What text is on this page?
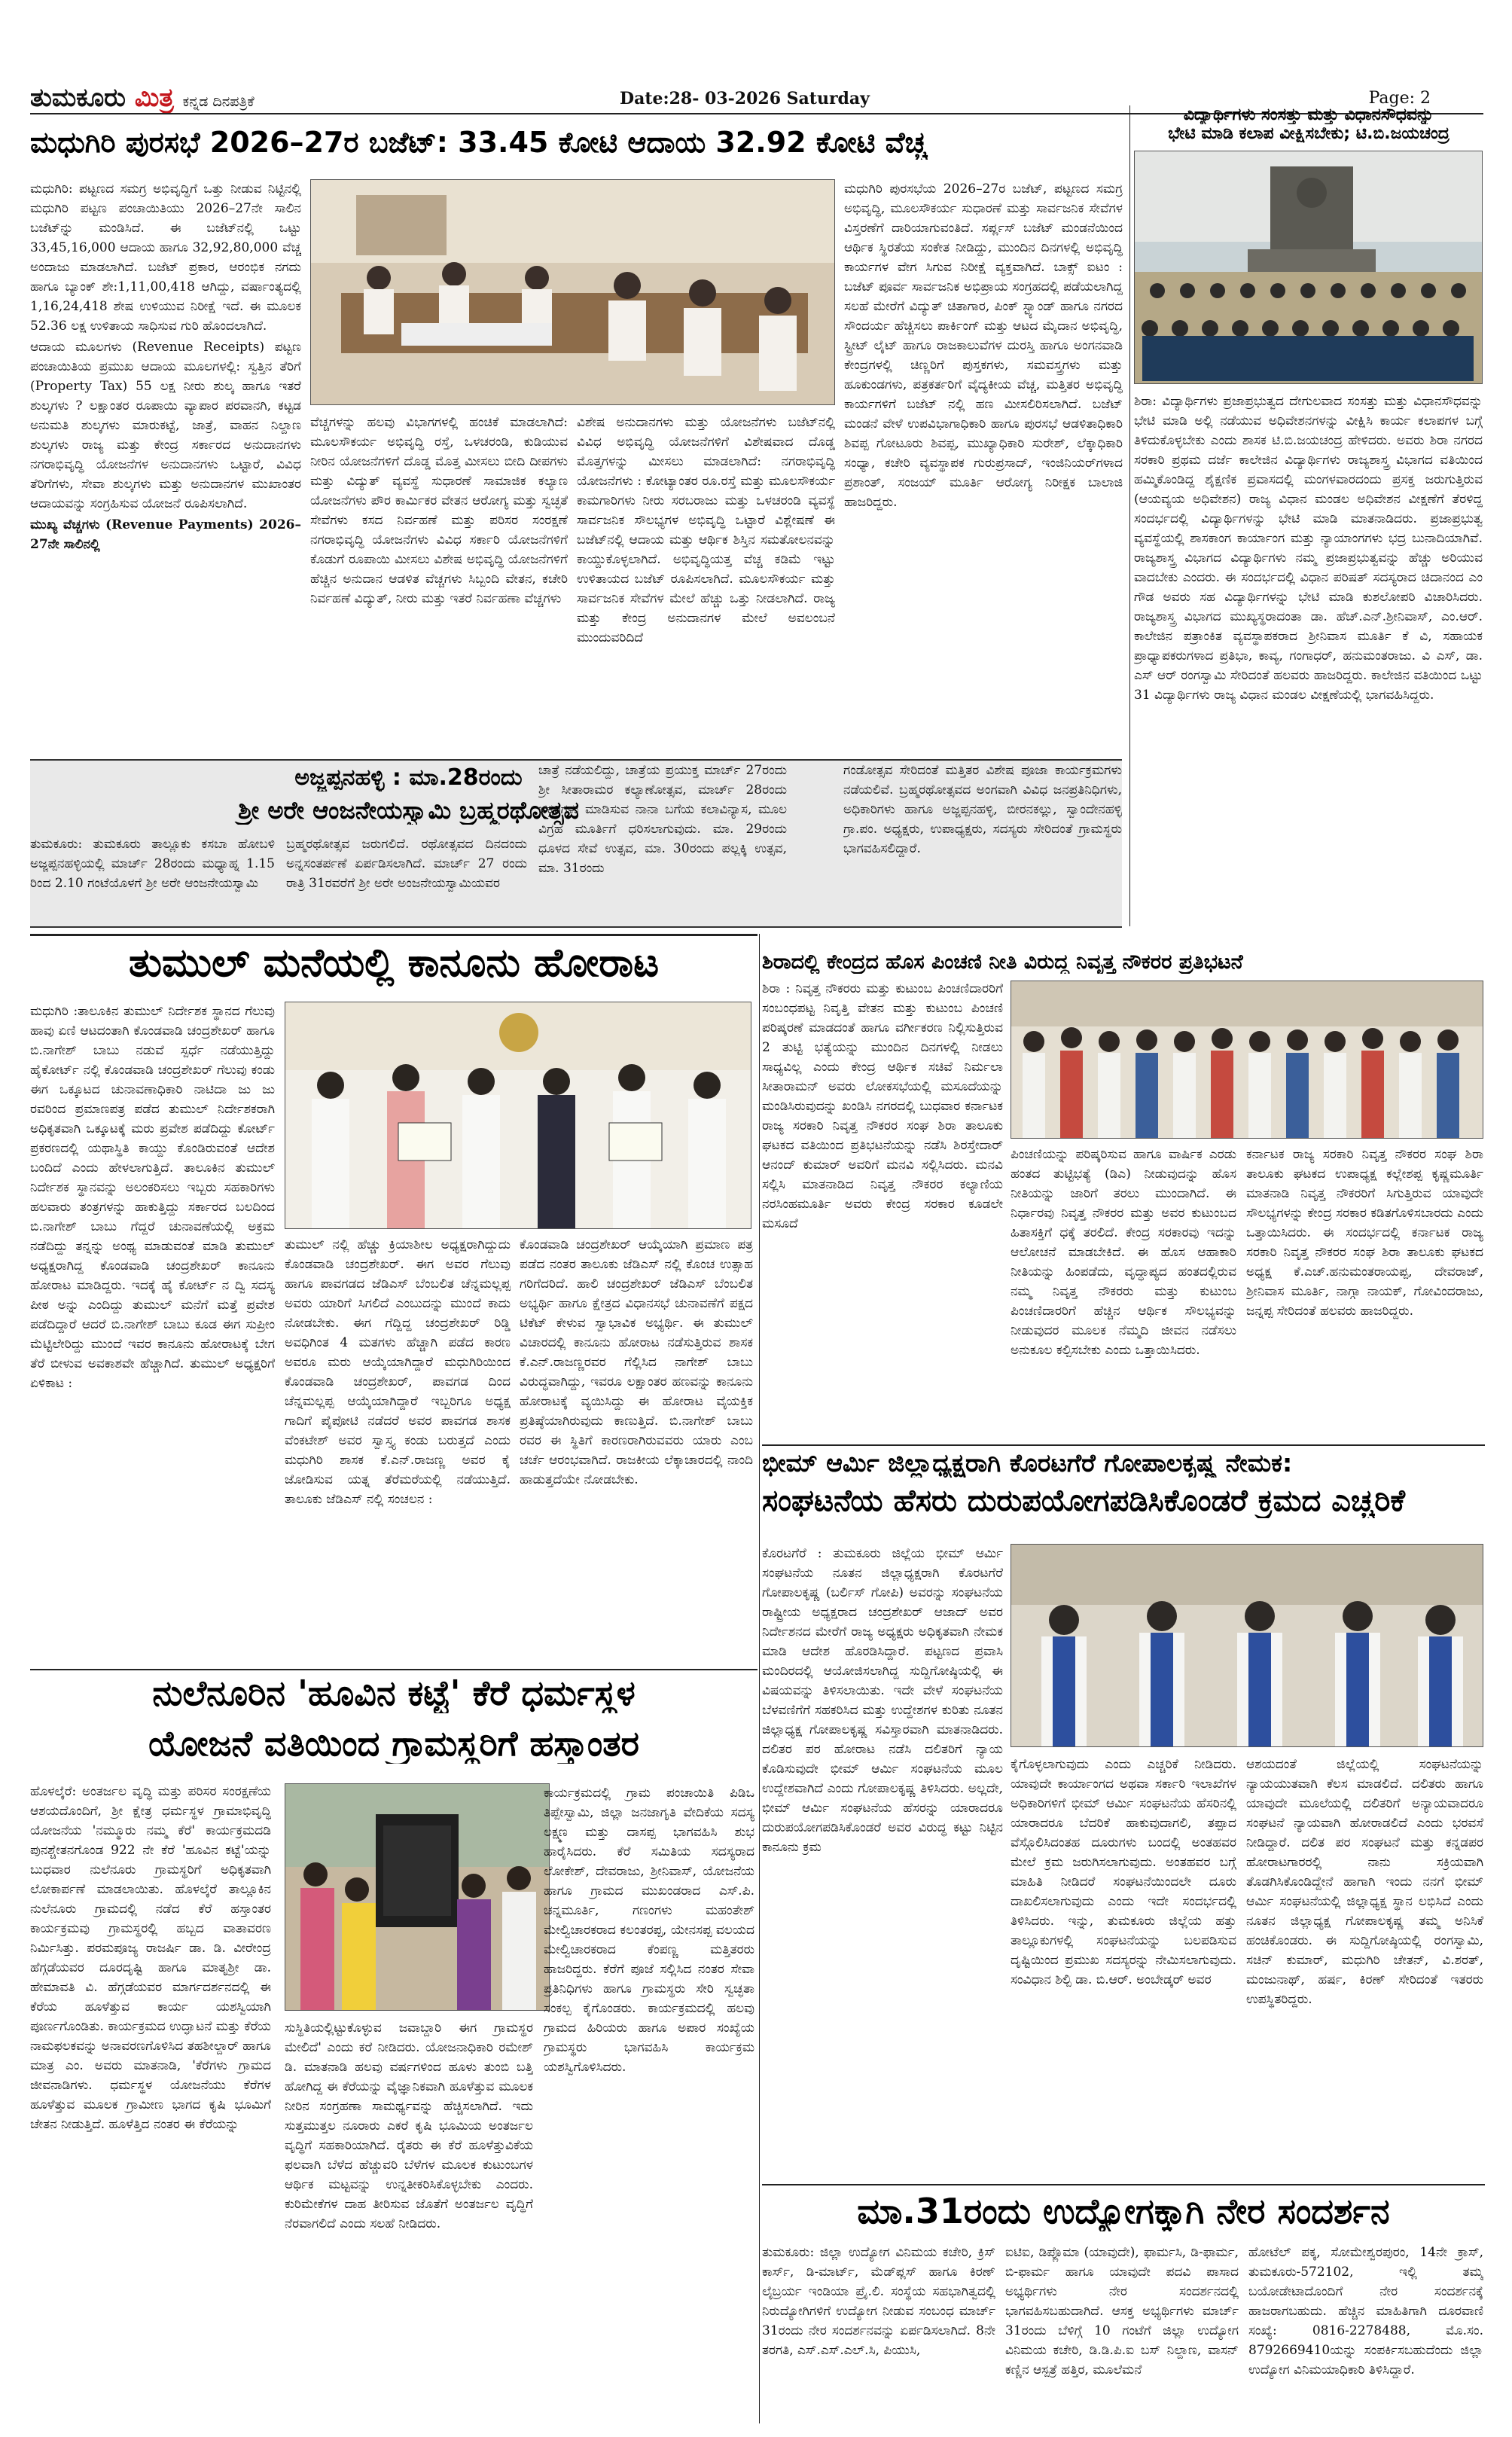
ತುಮಕೂರು ಮಿತ್ರ ಕನ್ನಡ ದಿನಪತ್ರಿಕೆ	Date:28- 03-2026 Saturday	Page: 2
ಮಧುಗಿರಿ ಪುರಸಭೆ 2026–27ರ ಬಜೆಟ್: 33.45 ಕೋಟಿ ಆದಾಯ 32.92 ಕೋಟಿ ವೆಚ್ಚ

ಮಧುಗಿರಿ: ಪಟ್ಟಣದ ಸಮಗ್ರ ಅಭಿವೃದ್ಧಿಗೆ ಒತ್ತು ನೀಡುವ ನಿಟ್ಟಿನಲ್ಲಿ ಮಧುಗಿರಿ ಪಟ್ಟಣ ಪಂಚಾಯಿತಿಯು 2026–27ನೇ ಸಾಲಿನ ಬಜೆಟ್‌ನ್ನು ಮಂಡಿಸಿದೆ. ಈ ಬಜೆಟ್‌ನಲ್ಲಿ ಒಟ್ಟು 33,45,16,000 ಆದಾಯ ಹಾಗೂ 32,92,80,000 ವೆಚ್ಚ ಅಂದಾಜು ಮಾಡಲಾಗಿದೆ. ಬಜೆಟ್ ಪ್ರಕಾರ, ಆರಂಭಿಕ ನಗದು ಹಾಗೂ ಬ್ಯಾಂಕ್ ಶೇ:1,11,00,418 ಆಗಿದ್ದು, ವರ್ಷಾಂತ್ಯದಲ್ಲಿ 1,16,24,418 ಶೇಷ ಉಳಿಯುವ ನಿರೀಕ್ಷೆ ಇದೆ. ಈ ಮೂಲಕ 52.36 ಲಕ್ಷ ಉಳಿತಾಯ ಸಾಧಿಸುವ ಗುರಿ ಹೊಂದಲಾಗಿದೆ.

ಆದಾಯ ಮೂಲಗಳು (Revenue Receipts) ಪಟ್ಟಣ ಪಂಚಾಯಿತಿಯ ಪ್ರಮುಖ ಆದಾಯ ಮೂಲಗಳಲ್ಲಿ: ಸ್ವತ್ತಿನ ತೆರಿಗೆ (Property Tax) 55 ಲಕ್ಷ ನೀರು ಶುಲ್ಕ ಹಾಗೂ ಇತರೆ ಶುಲ್ಕಗಳು ? ಲಕ್ಷಾಂತರ ರೂಪಾಯಿ ವ್ಯಾಪಾರ ಪರವಾನಗಿ, ಕಟ್ಟಡ ಅನುಮತಿ ಶುಲ್ಕಗಳು ಮಾರುಕಟ್ಟೆ, ಜಾತ್ರೆ, ವಾಹನ ನಿಲ್ದಾಣ ಶುಲ್ಕಗಳು ರಾಜ್ಯ ಮತ್ತು ಕೇಂದ್ರ ಸರ್ಕಾರದ ಅನುದಾನಗಳು ನಗರಾಭಿವೃದ್ಧಿ ಯೋಜನೆಗಳ ಅನುದಾನಗಳು ಒಟ್ಟಾರೆ, ವಿವಿಧ ತೆರಿಗೆಗಳು, ಸೇವಾ ಶುಲ್ಕಗಳು ಮತ್ತು ಅನುದಾನಗಳ ಮುಖಾಂತರ ಆದಾಯವನ್ನು ಸಂಗ್ರಹಿಸುವ ಯೋಜನೆ ರೂಪಿಸಲಾಗಿದೆ.

ಮುಖ್ಯ ವೆಚ್ಚಗಳು (Revenue Payments) 2026–27ನೇ ಸಾಲಿನಲ್ಲಿ

ವೆಚ್ಚಗಳನ್ನು ಹಲವು ವಿಭಾಗಗಳಲ್ಲಿ ಹಂಚಿಕೆ ಮಾಡಲಾಗಿದೆ: ಮೂಲಸೌಕರ್ಯ ಅಭಿವೃದ್ಧಿ ರಸ್ತೆ, ಒಳಚರಂಡಿ, ಕುಡಿಯುವ ನೀರಿನ ಯೋಜನೆಗಳಿಗೆ ದೊಡ್ಡ ಮೊತ್ತ ಮೀಸಲು ಬೀದಿ ದೀಪಗಳು ಮತ್ತು ವಿದ್ಯುತ್ ವ್ಯವಸ್ಥೆ ಸುಧಾರಣೆ ಸಾಮಾಜಿಕ ಕಲ್ಯಾಣ ಯೋಜನೆಗಳು ಪೌರ ಕಾರ್ಮಿಕರ ವೇತನ ಆರೋಗ್ಯ ಮತ್ತು ಸ್ವಚ್ಛತೆ ಸೇವೆಗಳು ಕಸದ ನಿರ್ವಹಣೆ ಮತ್ತು ಪರಿಸರ ಸಂರಕ್ಷಣೆ ನಗರಾಭಿವೃದ್ಧಿ ಯೋಜನೆಗಳು ವಿವಿಧ ಸರ್ಕಾರಿ ಯೋಜನೆಗಳಿಗೆ ಕೊಡುಗೆ ರೂಪಾಯಿ ಮೀಸಲು ವಿಶೇಷ ಅಭಿವೃದ್ಧಿ ಯೋಜನೆಗಳಿಗೆ ಹೆಚ್ಚಿನ ಅನುದಾನ ಆಡಳಿತ ವೆಚ್ಚಗಳು ಸಿಬ್ಬಂದಿ ವೇತನ, ಕಚೇರಿ ನಿರ್ವಹಣೆ ವಿದ್ಯುತ್, ನೀರು ಮತ್ತು ಇತರೆ ನಿರ್ವಹಣಾ ವೆಚ್ಚಗಳು
ವಿಶೇಷ ಅನುದಾನಗಳು ಮತ್ತು ಯೋಜನೆಗಳು ಬಜೆಟ್‌ನಲ್ಲಿ ವಿವಿಧ ಅಭಿವೃದ್ಧಿ ಯೋಜನೆಗಳಿಗೆ ವಿಶೇಷವಾದ ದೊಡ್ಡ ಮೊತ್ತಗಳನ್ನು ಮೀಸಲು ಮಾಡಲಾಗಿದೆ: ನಗರಾಭಿವೃದ್ಧಿ ಯೋಜನೆಗಳು : ಕೋಟ್ಯಾಂತರ ರೂ.ರಸ್ತೆ ಮತ್ತು ಮೂಲಸೌಕರ್ಯ ಕಾಮಗಾರಿಗಳು ನೀರು ಸರಬರಾಜು ಮತ್ತು ಒಳಚರಂಡಿ ವ್ಯವಸ್ಥೆ ಸಾರ್ವಜನಿಕ ಸೌಲಭ್ಯಗಳ ಅಭಿವೃದ್ಧಿ ಒಟ್ಟಾರೆ ವಿಶ್ಲೇಷಣೆ ಈ ಬಜೆಟ್‌ನಲ್ಲಿ ಆದಾಯ ಮತ್ತು ಆರ್ಥಿಕ ಶಿಸ್ತಿನ ಸಮತೋಲನವನ್ನು ಕಾಯ್ದುಕೊಳ್ಳಲಾಗಿದೆ. ಅಭಿವೃದ್ಧಿಯತ್ತ ವೆಚ್ಚ ಕಡಿಮೆ ಇಟ್ಟು ಉಳಿತಾಯದ ಬಜೆಟ್ ರೂಪಿಸಲಾಗಿದೆ. ಮೂಲಸೌಕರ್ಯ ಮತ್ತು ಸಾರ್ವಜನಿಕ ಸೇವೆಗಳ ಮೇಲೆ ಹೆಚ್ಚು ಒತ್ತು ನೀಡಲಾಗಿದೆ. ರಾಜ್ಯ ಮತ್ತು ಕೇಂದ್ರ ಅನುದಾನಗಳ ಮೇಲೆ ಅವಲಂಬನೆ ಮುಂದುವರಿದಿದೆ
ಮಧುಗಿರಿ ಪುರಸಭೆಯ 2026–27ರ ಬಜೆಟ್, ಪಟ್ಟಣದ ಸಮಗ್ರ ಅಭಿವೃದ್ಧಿ, ಮೂಲಸೌಕರ್ಯ ಸುಧಾರಣೆ ಮತ್ತು ಸಾರ್ವಜನಿಕ ಸೇವೆಗಳ ವಿಸ್ತರಣೆಗೆ ದಾರಿಯಾಗುವಂತಿದೆ. ಸರ್ಪ್ಲಸ್ ಬಜೆಟ್ ಮಂಡನೆಯಿಂದ ಆರ್ಥಿಕ ಸ್ಥಿರತೆಯ ಸಂಕೇತ ನೀಡಿದ್ದು, ಮುಂದಿನ ದಿನಗಳಲ್ಲಿ ಅಭಿವೃದ್ಧಿ ಕಾರ್ಯಗಳ ವೇಗ ಸಿಗುವ ನಿರೀಕ್ಷೆ ವ್ಯಕ್ತವಾಗಿದೆ. ಬಾಕ್ಸ್ ಐಟಂ : ಬಜೆಟ್ ಪೂರ್ವ ಸಾರ್ವಜನಿಕ ಅಭಿಪ್ರಾಯ ಸಂಗ್ರಹದಲ್ಲಿ ಪಡೆಯಲಾಗಿದ್ದ ಸಲಹೆ ಮೇರೆಗೆ ವಿದ್ಯುತ್ ಚಿತಾಗಾರ, ಪಿಂಕ್ ಸ್ಟ್ಯಾಂಡ್ ಹಾಗೂ ನಗರದ ಸೌಂದರ್ಯ ಹೆಚ್ಚಿಸಲು ಪಾರ್ಕಿಂಗ್ ಮತ್ತು ಆಟದ ಮೈದಾನ ಅಭಿವೃದ್ಧಿ, ಸ್ಟ್ರೀಟ್ ಲೈಟ್ ಹಾಗೂ ರಾಜಕಾಲುವೆಗಳ ದುರಸ್ತಿ ಹಾಗೂ ಅಂಗನವಾಡಿ ಕೇಂದ್ರಗಳಲ್ಲಿ ಚಿಣ್ಣರಿಗೆ ಪುಸ್ತಕಗಳು, ಸಮವಸ್ತ್ರಗಳು ಮತ್ತು ಹೂಕುಂಡಗಳು, ಪತ್ರಕರ್ತರಿಗೆ ವೈದ್ಯಕೀಯ ವೆಚ್ಚ, ಮತ್ತಿತರ ಅಭಿವೃದ್ಧಿ ಕಾರ್ಯಗಳಿಗೆ ಬಜೆಟ್ ನಲ್ಲಿ ಹಣ ಮೀಸಲಿರಿಸಲಾಗಿದೆ. ಬಜೆಟ್ ಮಂಡನೆ ವೇಳೆ ಉಪವಿಭಾಗಾಧಿಕಾರಿ ಹಾಗೂ ಪುರಸಭೆ ಆಡಳಿತಾಧಿಕಾರಿ ಶಿವಪ್ಪ ಗೋಟೂರು ಶಿವಪ್ಪ, ಮುಖ್ಯಾಧಿಕಾರಿ ಸುರೇಶ್, ಲೆಕ್ಕಾಧಿಕಾರಿ ಸಂಧ್ಯಾ, ಕಚೇರಿ ವ್ಯವಸ್ಥಾಪಕ ಗುರುಪ್ರಸಾದ್, ಇಂಜಿನಿಯರ್‌ಗಳಾದ ಪ್ರಶಾಂತ್, ಸಂಜಯ್ ಮೂರ್ತಿ ಆರೋಗ್ಯ ನಿರೀಕ್ಷಕ ಬಾಲಾಜಿ ಹಾಜರಿದ್ದರು.
ವಿದ್ಯಾರ್ಥಿಗಳು ಸಂಸತ್ತು ಮತ್ತು ವಿಧಾನಸೌಧವನ್ನು
ಭೇಟಿ ಮಾಡಿ ಕಲಾಪ ವೀಕ್ಷಿಸಬೇಕು; ಟಿ.ಬಿ.ಜಯಚಂದ್ರ
ಶಿರಾ: ವಿದ್ಯಾರ್ಥಿಗಳು ಪ್ರಜಾಪ್ರಭುತ್ವದ ದೇಗುಲವಾದ ಸಂಸತ್ತು ಮತ್ತು ವಿಧಾನಸೌಧವನ್ನು ಭೇಟಿ ಮಾಡಿ ಅಲ್ಲಿ ನಡೆಯುವ ಅಧಿವೇಶನಗಳನ್ನು ವೀಕ್ಷಿಸಿ ಕಾರ್ಯ ಕಲಾಪಗಳ ಬಗ್ಗೆ ತಿಳಿದುಕೊಳ್ಳಬೇಕು ಎಂದು ಶಾಸಕ ಟಿ.ಬಿ.ಜಯಚಂದ್ರ ಹೇಳಿದರು. ಅವರು ಶಿರಾ ನಗರದ ಸರಕಾರಿ ಪ್ರಥಮ ದರ್ಜೆ ಕಾಲೇಜಿನ ವಿದ್ಯಾರ್ಥಿಗಳು ರಾಜ್ಯಶಾಸ್ತ್ರ ವಿಭಾಗದ ವತಿಯಿಂದ ಹಮ್ಮಿಕೊಂಡಿದ್ದ ಶೈಕ್ಷಣಿಕ ಪ್ರವಾಸದಲ್ಲಿ ಮಂಗಳವಾರದಂದು ಪ್ರಸಕ್ತ ಜರುಗುತ್ತಿರುವ (ಆಯವ್ಯಯ ಅಧಿವೇಶನ) ರಾಜ್ಯ ವಿಧಾನ ಮಂಡಲ ಅಧಿವೇಶನ ವೀಕ್ಷಣೆಗೆ ತೆರಳಿದ್ದ ಸಂದರ್ಭದಲ್ಲಿ ವಿದ್ಯಾರ್ಥಿಗಳನ್ನು ಭೇಟಿ ಮಾಡಿ ಮಾತನಾಡಿದರು. ಪ್ರಜಾಪ್ರಭುತ್ವ ವ್ಯವಸ್ಥೆಯಲ್ಲಿ ಶಾಸಕಾಂಗ ಕಾರ್ಯಾಂಗ ಮತ್ತು ನ್ಯಾಯಾಂಗಗಳು ಭದ್ರ ಬುನಾದಿಯಾಗಿವೆ. ರಾಜ್ಯಶಾಸ್ತ್ರ ವಿಭಾಗದ ವಿದ್ಯಾರ್ಥಿಗಳು ನಮ್ಮ ಪ್ರಜಾಪ್ರಭುತ್ವವನ್ನು ಹೆಚ್ಚು ಅರಿಯುವ ವಾದಬೇಕು ಎಂದರು. ಈ ಸಂದರ್ಭದಲ್ಲಿ ವಿಧಾನ ಪರಿಷತ್ ಸದಸ್ಯರಾದ ಚಿದಾನಂದ ಎಂ ಗೌಡ ಅವರು ಸಹ ವಿದ್ಯಾರ್ಥಿಗಳನ್ನು ಭೇಟಿ ಮಾಡಿ ಕುಶಲೋಪರಿ ವಿಚಾರಿಸಿದರು. ರಾಜ್ಯಶಾಸ್ತ್ರ ವಿಭಾಗದ ಮುಖ್ಯಸ್ಥರಾದಂತಾ ಡಾ. ಹೆಚ್.ಎನ್.ಶ್ರೀನಿವಾಸ್, ಎಂ.ಆರ್. ಕಾಲೇಜಿನ ಪತ್ರಾಂಕಿತ ವ್ಯವಸ್ಥಾಪಕರಾದ ಶ್ರೀನಿವಾಸ ಮೂರ್ತಿ ಕೆ ವಿ, ಸಹಾಯಕ ಪ್ರಾಧ್ಯಾಪಕರುಗಳಾದ ಪ್ರತಿಭಾ, ಕಾವ್ಯ, ಗಂಗಾಧರ್, ಹನುಮಂತರಾಜು. ವಿ ಎಸ್, ಡಾ. ಎಸ್ ಆರ್ ರಂಗಸ್ವಾಮಿ ಸೇರಿದಂತೆ ಹಲವರು ಹಾಜರಿದ್ದರು. ಕಾಲೇಜಿನ ವತಿಯಿಂದ ಒಟ್ಟು 31 ವಿದ್ಯಾರ್ಥಿಗಳು ರಾಜ್ಯ ವಿಧಾನ ಮಂಡಲ ವೀಕ್ಷಣೆಯಲ್ಲಿ ಭಾಗವಹಿಸಿದ್ದರು.
ಅಜ್ಜಪ್ಪನಹಳ್ಳಿ : ಮಾ.28ರಂದು
ಶ್ರೀ ಅರೇ ಆಂಜನೇಯಸ್ವಾಮಿ ಬ್ರಹ್ಮರಥೋತ್ಸವ
ತುಮಕೂರು: ತುಮಕೂರು ತಾಲ್ಲೂಕು ಕಸಬಾ ಹೋಬಳಿ ಅಜ್ಜಪ್ಪನಹಳ್ಳಿಯಲ್ಲಿ ಮಾರ್ಚ್ 28ರಂದು ಮಧ್ಯಾಹ್ನ 1.15 ರಿಂದ 2.10 ಗಂಟೆಯೊಳಗೆ ಶ್ರೀ ಅರೇ ಆಂಜನೇಯಸ್ವಾಮಿ
ಬ್ರಹ್ಮರಥೋತ್ಸವ ಜರುಗಲಿದೆ. ರಥೋತ್ಸವದ ದಿನದಂದು ಅನ್ನಸಂತರ್ಪಣೆ ಏರ್ಪಡಿಸಲಾಗಿದೆ. ಮಾರ್ಚ್ 27 ರಂದು ರಾತ್ರಿ 31ರವರೆಗೆ ಶ್ರೀ ಅರೇ ಅಂಜನೇಯಸ್ವಾಮಿಯವರ
ಚಾತ್ರೆ ನಡೆಯಲಿದ್ದು, ಚಾತ್ರೆಯ ಪ್ರಯುಕ್ತ ಮಾರ್ಚ್ 27ರಂದು ಶ್ರೀ ಸೀತಾರಾಮರ ಕಲ್ಯಾಣೋತ್ಸವ, ಮಾರ್ಚ್ 28ರಂದು ಭಕ್ತರಿಗಳು ಮಾಡಿಸುವ ನಾನಾ ಬಗೆಯ ಕಲಾವಿನ್ಯಾಸ, ಮೂಲ ವಿಗ್ರಹ ಮೂರ್ತಿಗೆ ಧರಿಸಲಾಗುವುದು. ಮಾ. 29ರಂದು ಧೂಳದ ಸೇವೆ ಉತ್ಸವ, ಮಾ. 30ರಂದು ಪಲ್ಲಕ್ಕಿ ಉತ್ಸವ, ಮಾ. 31ರಂದು
ಗಂಡೋತ್ಸವ ಸೇರಿದಂತೆ ಮತ್ತಿತರ ವಿಶೇಷ ಪೂಜಾ ಕಾರ್ಯಕ್ರಮಗಳು ನಡೆಯಲಿವೆ. ಬ್ರಹ್ಮರಥೋತ್ಸವದ ಅಂಗವಾಗಿ ವಿವಿಧ ಜನಪ್ರತಿನಿಧಿಗಳು, ಅಧಿಕಾರಿಗಳು ಹಾಗೂ ಅಜ್ಜಪ್ಪನಹಳ್ಳಿ, ಬೀರನಕಲ್ಲು, ಸ್ವಾಂದೇನಹಳ್ಳಿ ಗ್ರಾ.ಪಂ. ಅಧ್ಯಕ್ಷರು, ಉಪಾಧ್ಯಕ್ಷರು, ಸದಸ್ಯರು ಸೇರಿದಂತೆ ಗ್ರಾಮಸ್ಥರು ಭಾಗವಹಿಸಲಿದ್ದಾರೆ.
ತುಮುಲ್ ಮನೆಯಲ್ಲಿ ಕಾನೂನು ಹೋರಾಟ
ಮಧುಗಿರಿ :ತಾಲೂಕಿನ ತುಮುಲ್ ನಿರ್ದೇಶಕ ಸ್ಥಾನದ ಗೆಲುವು ಹಾವು ಏಣಿ ಆಟದಂತಾಗಿ ಕೊಂಡವಾಡಿ ಚಂದ್ರಶೇಖರ್ ಹಾಗೂ ಬಿ.ನಾಗೇಶ್ ಬಾಬು ನಡುವೆ ಸ್ಪರ್ಧೆ ನಡೆಯುತ್ತಿದ್ದು ಹೈಕೋರ್ಟ್ ನಲ್ಲಿ ಕೊಂಡವಾಡಿ ಚಂದ್ರಶೇಖರ್ ಗೆಲುವು ಕಂಡು ಈಗ ಒಕ್ಕೂಟದ ಚುನಾವಣಾಧಿಕಾರಿ ನಾಟಿದಾ ಜು ಜು ರವರಿಂದ ಪ್ರಮಾಣಪತ್ರ ಪಡೆದ ತುಮುಲ್ ನಿರ್ದೇಶಕರಾಗಿ ಅಧಿಕೃತವಾಗಿ ಒಕ್ಕೂಟಕ್ಕೆ ಮರು ಪ್ರವೇಶ ಪಡೆದಿದ್ದು ಕೋರ್ಟ್ ಪ್ರಕರಣದಲ್ಲಿ ಯಥಾಸ್ಥಿತಿ ಕಾಯ್ದು ಕೊಂಡಿರುವಂತೆ ಆದೇಶ ಬಂದಿದೆ ಎಂದು ಹೇಳಲಾಗುತ್ತಿದೆ. ತಾಲೂಕಿನ ತುಮುಲ್ ನಿರ್ದೇಶಕ ಸ್ಥಾನವನ್ನು ಅಲಂಕರಿಸಲು ಇಬ್ಬರು ಸಹಕಾರಿಗಳು ಹಲವಾರು ತಂತ್ರಗಳನ್ನು ಹಾಕುತ್ತಿದ್ದು ಸರ್ಕಾರದ ಬಲದಿಂದ ಬಿ.ನಾಗೇಶ್ ಬಾಬು ಗೆದ್ದರೆ ಚುನಾವಣೆಯಲ್ಲಿ ಅಕ್ರಮ ನಡೆದಿದ್ದು ತನ್ನನ್ನು ಅಂಥ್ಯ ಮಾಡುವಂತೆ ಮಾಡಿ ತುಮುಲ್ ಅಧ್ಯಕ್ಷರಾಗಿದ್ದ ಕೊಂಡವಾಡಿ ಚಂದ್ರಶೇಖರ್ ಕಾನೂನು ಹೋರಾಟ ಮಾಡಿದ್ದರು. ಇದಕ್ಕೆ ಹೈ ಕೋರ್ಟ್ ನ ದ್ವಿ ಸದಸ್ಯ ಪೀಠ ಅನ್ನು ಎಂದಿದ್ದು ತುಮುಲ್ ಮನೆಗೆ ಮತ್ತೆ ಪ್ರವೇಶ ಪಡೆದಿದ್ದಾರೆ ಆದರೆ ಬಿ.ನಾಗೇಶ್ ಬಾಬು ಕೂಡ ಈಗ ಸುಪ್ರೀಂ ಮೆಟ್ಟಿಲೇರಿದ್ದು ಮುಂದೆ ಇವರ ಕಾನೂನು ಹೋರಾಟಕ್ಕೆ ಬೇಗ ತೆರೆ ಬೀಳುವ ಅವಕಾಶವೇ ಹೆಚ್ಚಾಗಿದೆ. ತುಮುಲ್ ಅಧ್ಯಕ್ಷರಿಗೆ ಏಳಿಕಾಟ :
ತುಮುಲ್ ನಲ್ಲಿ ಹೆಚ್ಚು ಕ್ರಿಯಾಶೀಲ ಅಧ್ಯಕ್ಷರಾಗಿದ್ದುದು ಕೊಂಡವಾಡಿ ಚಂದ್ರಶೇಖರ್. ಈಗ ಅವರ ಗೆಲುವು ಹಾಗೂ ಪಾವಗಡದ ಜೆಡಿಎಸ್ ಬೆಂಬಲಿತ ಚೆನ್ನಮಲ್ಲಪ್ಪ ಅವರು ಯಾರಿಗೆ ಸಿಗಲಿದೆ ಎಂಬುದನ್ನು ಮುಂದೆ ಕಾದು ನೋಡಬೇಕು. ಈಗ ಗೆದ್ದಿದ್ದ ಚಂದ್ರಶೇಖರ್ ರಿಡ್ಡಿ ಅವಧಿಗಿಂತ 4 ಮತಗಳು ಹೆಚ್ಚಾಗಿ ಪಡೆದ ಕಾರಣ ಅವರೂ ಮರು ಆಯ್ಕೆಯಾಗಿದ್ದಾರೆ ಮಧುಗಿರಿಯಿಂದ ಕೊಂಡವಾಡಿ ಚಂದ್ರಶೇಖರ್, ಪಾವಗಡ ದಿಂದ ಚೆನ್ನಮಲ್ಲಪ್ಪ ಆಯ್ಕೆಯಾಗಿದ್ದಾರೆ ಇಬ್ಬರಿಗೂ ಅಧ್ಯಕ್ಷ ಗಾದಿಗೆ ಪೈಪೋಟಿ ನಡೆದರೆ ಅವರ ಪಾವಗಡ ಶಾಸಕ ವೆಂಕಟೇಶ್ ಅವರ ಸ್ವಾಸ್ತ್ಯ ಕಂಡು ಬರುತ್ತದೆ ಎಂದು ಮಧುಗಿರಿ ಶಾಸಕ ಕೆ.ಎನ್.ರಾಜಣ್ಣ ಅವರ ಕೈ ಜೋಡಿಸುವ ಯತ್ನ ತೆರೆಮರೆಯಲ್ಲಿ ನಡೆಯುತ್ತಿದೆ. ತಾಲೂಕು ಜೆಡಿಎಸ್ ನಲ್ಲಿ ಸಂಚಲನ :
ಕೊಂಡವಾಡಿ ಚಂದ್ರಶೇಖರ್ ಆಯ್ಕೆಯಾಗಿ ಪ್ರಮಾಣ ಪತ್ರ ಪಡೆದ ನಂತರ ತಾಲೂಕು ಜೆಡಿಎಸ್ ನಲ್ಲಿ ಕೊಂಚ ಉತ್ಸಾಹ ಗರಿಗೆದರಿದೆ. ಹಾಲಿ ಚಂದ್ರಶೇಖರ್ ಜೆಡಿಎಸ್ ಬೆಂಬಲಿತ ಅಭ್ಯರ್ಥಿ ಹಾಗೂ ಕ್ಷೇತ್ರದ ವಿಧಾನಸಭೆ ಚುನಾವಣೆಗೆ ಪಕ್ಷದ ಟಿಕೆಟ್ ಕೇಳುವ ಸ್ವಾಭಾವಿಕ ಅಭ್ಯರ್ಥಿ. ಈ ತುಮುಲ್ ವಿಚಾರದಲ್ಲಿ ಕಾನೂನು ಹೋರಾಟ ನಡೆಸುತ್ತಿರುವ ಶಾಸಕ ಕೆ.ಎನ್.ರಾಜಣ್ಣರವರ ಗೆಲ್ಲಿಸಿದ ನಾಗೇಶ್ ಬಾಬು ವಿರುದ್ಧವಾಗಿದ್ದು, ಇವರೂ ಲಕ್ಷಾಂತರ ಹಣವನ್ನು ಕಾನೂನು ಹೋರಾಟಕ್ಕೆ ವ್ಯಯಿಸಿದ್ದು ಈ ಹೋರಾಟ ವೈಯಕ್ತಿಕ ಪ್ರತಿಷ್ಠೆಯಾಗಿರುವುದು ಕಾಣುತ್ತಿದೆ. ಬಿ.ನಾಗೇಶ್ ಬಾಬು ರವರ ಈ ಸ್ಥಿತಿಗೆ ಕಾರಣರಾಗಿರುವವರು ಯಾರು ಎಂಬ ಚರ್ಚೆ ಆರಂಭವಾಗಿದೆ. ರಾಜಕೀಯ ಲೆಕ್ಕಾಚಾರದಲ್ಲಿ ನಾಂದಿ ಹಾಡುತ್ತದೆಯೇ ನೋಡಬೇಕು.
ಶಿರಾದಲ್ಲಿ ಕೇಂದ್ರದ ಹೊಸ ಪಿಂಚಣಿ ನೀತಿ ವಿರುದ್ಧ ನಿವೃತ್ತ ನೌಕರರ ಪ್ರತಿಭಟನೆ
ಶಿರಾ : ನಿವೃತ್ತ ನೌಕರರು ಮತ್ತು ಕುಟುಂಬ ಪಿಂಚಣಿದಾರರಿಗೆ ಸಂಬಂಧಪಟ್ಟ ನಿವೃತ್ತಿ ವೇತನ ಮತ್ತು ಕುಟುಂಬ ಪಿಂಚಣಿ ಪರಿಷ್ಕರಣೆ ಮಾಡದಂತೆ ಹಾಗೂ ವರ್ಗೀಕರಣ ನಿಲ್ಲಿಸುತ್ತಿರುವ 2 ತುಟ್ಟಿ ಭತ್ಯೆಯನ್ನು ಮುಂದಿನ ದಿನಗಳಲ್ಲಿ ನೀಡಲು ಸಾಧ್ಯವಿಲ್ಲ ಎಂದು ಕೇಂದ್ರ ಆರ್ಥಿಕ ಸಚಿವೆ ನಿರ್ಮಲಾ ಸೀತಾರಾಮನ್ ಅವರು ಲೋಕಸಭೆಯಲ್ಲಿ ಮಸೂದೆಯನ್ನು ಮಂಡಿಸಿರುವುದನ್ನು ಖಂಡಿಸಿ ನಗರದಲ್ಲಿ ಬುಧವಾರ ಕರ್ನಾಟಕ ರಾಜ್ಯ ಸರಕಾರಿ ನಿವೃತ್ತ ನೌಕರರ ಸಂಘ ಶಿರಾ ತಾಲೂಕು ಘಟಕದ ವತಿಯಿಂದ ಪ್ರತಿಭಟನೆಯನ್ನು ನಡೆಸಿ ಶಿರಸ್ತೇದಾರ್ ಆನಂದ್ ಕುಮಾರ್ ಅವರಿಗೆ ಮನವಿ ಸಲ್ಲಿಸಿದರು. ಮನವಿ ಸಲ್ಲಿಸಿ ಮಾತನಾಡಿದ ನಿವೃತ್ತ ನೌಕರರ ಕಲ್ಯಾಣಿಯ ನರಸಿಂಹಮೂರ್ತಿ ಅವರು ಕೇಂದ್ರ ಸರಕಾರ ಕೂಡಲೇ ಮಸೂದೆ
ಪಿಂಚಣಿಯನ್ನು ಪರಿಷ್ಕರಿಸುವ ಹಾಗೂ ವಾರ್ಷಿಕ ಎರಡು ಹಂತದ ತುಟ್ಟಿಭತ್ಯೆ (ಡಿಎ) ನೀಡುವುದನ್ನು ಹೊಸ ನೀತಿಯನ್ನು ಜಾರಿಗೆ ತರಲು ಮುಂದಾಗಿದೆ. ಈ ನಿರ್ಧಾರವು ನಿವೃತ್ತ ನೌಕರರ ಮತ್ತು ಅವರ ಕುಟುಂಬದ ಹಿತಾಸಕ್ತಿಗೆ ಧಕ್ಕೆ ತರಲಿದೆ. ಕೇಂದ್ರ ಸರಕಾರವು ಇದನ್ನು ಆಲೋಚನೆ ಮಾಡಬೇಕಿದೆ. ಈ ಹೊಸ ಆಹಾಕಾರಿ ನೀತಿಯನ್ನು ಹಿಂಪಡೆದು, ವೃದ್ಧಾಪ್ಯದ ಹಂತದಲ್ಲಿರುವ ನಮ್ಮ ನಿವೃತ್ತ ನೌಕರರು ಮತ್ತು ಕುಟುಂಬ ಪಿಂಚಣಿದಾರರಿಗೆ ಹೆಚ್ಚಿನ ಆರ್ಥಿಕ ಸೌಲಭ್ಯವನ್ನು ನೀಡುವುದರ ಮೂಲಕ ನೆಮ್ಮದಿ ಜೀವನ ನಡೆಸಲು ಅನುಕೂಲ ಕಲ್ಪಿಸಬೇಕು ಎಂದು ಒತ್ತಾಯಿಸಿದರು.
ಕರ್ನಾಟಕ ರಾಜ್ಯ ಸರಕಾರಿ ನಿವೃತ್ತ ನೌಕರರ ಸಂಘ ಶಿರಾ ತಾಲೂಕು ಘಟಕದ ಉಪಾಧ್ಯಕ್ಷ ಕಲ್ಲೇಶಪ್ಪ ಕೃಷ್ಣಮೂರ್ತಿ ಮಾತನಾಡಿ ನಿವೃತ್ತ ನೌಕರರಿಗೆ ಸಿಗುತ್ತಿರುವ ಯಾವುದೇ ಸೌಲಭ್ಯಗಳನ್ನು ಕೇಂದ್ರ ಸರಕಾರ ಕಡಿತಗೊಳಿಸಬಾರದು ಎಂದು ಒತ್ತಾಯಿಸಿದರು. ಈ ಸಂದರ್ಭದಲ್ಲಿ ಕರ್ನಾಟಕ ರಾಜ್ಯ ಸರಕಾರಿ ನಿವೃತ್ತ ನೌಕರರ ಸಂಘ ಶಿರಾ ತಾಲೂಕು ಘಟಕದ ಅಧ್ಯಕ್ಷ ಕೆ.ಎಚ್.ಹನುಮಂತರಾಯಪ್ಪ, ದೇವರಾಜ್, ಶ್ರೀನಿವಾಸ ಮೂರ್ತಿ, ನಾಗ್ಗಾ ನಾಯಕ್, ಗೋವಿಂದರಾಜು, ಜನ್ನಪ್ಪ ಸೇರಿದಂತೆ ಹಲವರು ಹಾಜರಿದ್ದರು.
ಭೀಮ್ ಆರ್ಮಿ ಜಿಲ್ಲಾಧ್ಯಕ್ಷರಾಗಿ ಕೊರಟಗೆರೆ ಗೋಪಾಲಕೃಷ್ಣ ನೇಮಕ:
ಸಂಘಟನೆಯ ಹೆಸರು ದುರುಪಯೋಗಪಡಿಸಿಕೊಂಡರೆ ಕ್ರಮದ ಎಚ್ಚರಿಕೆ
ಕೊರಟಗೆರೆ : ತುಮಕೂರು ಜಿಲ್ಲೆಯ ಭೀಮ್ ಆರ್ಮಿ ಸಂಘಟನೆಯ ನೂತನ ಜಿಲ್ಲಾಧ್ಯಕ್ಷರಾಗಿ ಕೊರಟಗೆರೆ ಗೋಪಾಲಕೃಷ್ಣ (ಬರ್ಲಿಸ್ ಗೋಪಿ) ಅವರನ್ನು ಸಂಘಟನೆಯ ರಾಷ್ಟ್ರೀಯ ಅಧ್ಯಕ್ಷರಾದ ಚಂದ್ರಶೇಖರ್ ಆಜಾದ್ ಅವರ ನಿರ್ದೇಶನದ ಮೇರೆಗೆ ರಾಜ್ಯ ಅಧ್ಯಕ್ಷರು ಅಧಿಕೃತವಾಗಿ ನೇಮಕ ಮಾಡಿ ಆದೇಶ ಹೊರಡಿಸಿದ್ದಾರೆ. ಪಟ್ಟಣದ ಪ್ರವಾಸಿ ಮಂದಿರದಲ್ಲಿ ಆಯೋಜಿಸಲಾಗಿದ್ದ ಸುದ್ದಿಗೋಷ್ಠಿಯಲ್ಲಿ ಈ ವಿಷಯವನ್ನು ತಿಳಿಸಲಾಯಿತು. ಇದೇ ವೇಳೆ ಸಂಘಟನೆಯ ಬೆಳವಣಿಗೆಗೆ ಸಹಕರಿಸಿದ ಮತ್ತು ಉದ್ದೇಶಗಳ ಕುರಿತು ನೂತನ ಜಿಲ್ಲಾಧ್ಯಕ್ಷ ಗೋಪಾಲಕೃಷ್ಣ ಸವಿಸ್ತಾರವಾಗಿ ಮಾತನಾಡಿದರು. ದಲಿತರ ಪರ ಹೋರಾಟ ನಡೆಸಿ ದಲಿತರಿಗೆ ನ್ಯಾಯ ಕೊಡಿಸುವುದೇ ಭೀಮ್ ಆರ್ಮಿ ಸಂಘಟನೆಯ ಮೂಲ ಉದ್ದೇಶವಾಗಿದೆ ಎಂದು ಗೋಪಾಲಕೃಷ್ಣ ತಿಳಿಸಿದರು. ಅಲ್ಲದೇ, ಭೀಮ್ ಆರ್ಮಿ ಸಂಘಟನೆಯ ಹೆಸರನ್ನು ಯಾರಾದರೂ ದುರುಪಯೋಗಪಡಿಸಿಕೊಂಡರೆ ಅವರ ವಿರುದ್ಧ ಕಟ್ಟು ನಿಟ್ಟಿನ ಕಾನೂನು ಕ್ರಮ
ಕೈಗೊಳ್ಳಲಾಗುವುದು ಎಂದು ಎಚ್ಚರಿಕೆ ನೀಡಿದರು. ಯಾವುದೇ ಕಾರ್ಯಾಂಗದ ಅಥವಾ ಸರ್ಕಾರಿ ಇಲಾಖೆಗಳ ಅಧಿಕಾರಿಗಳಿಗೆ ಭೀಮ್ ಆರ್ಮಿ ಸಂಘಟನೆಯ ಹೆಸರಿನಲ್ಲಿ ಯಾರಾದರೂ ಬೆದರಿಕೆ ಹಾಕುವುದಾಗಲಿ, ತಪ್ಪಾದ ವೆಸ್ಗೊಲಿಸಿದಂತಹ ದೂರುಗಳು ಬಂದಲ್ಲಿ ಅಂತಹವರ ಮೇಲೆ ಕ್ರಮ ಜರುಗಿಸಲಾಗುವುದು. ಅಂತಹವರ ಬಗ್ಗೆ ಮಾಹಿತಿ ನೀಡಿದರೆ ಸಂಘಟನೆಯಿಂದಲೇ ದೂರು ದಾಖಲಿಸಲಾಗುವುದು ಎಂದು ಇದೇ ಸಂದರ್ಭದಲ್ಲಿ ತಿಳಿಸಿದರು. ಇನ್ನು, ತುಮಕೂರು ಜಿಲ್ಲೆಯ ಹತ್ತು ತಾಲ್ಲೂಕುಗಳಲ್ಲಿ ಸಂಘಟನೆಯನ್ನು ಬಲಪಡಿಸುವ ದೃಷ್ಟಿಯಿಂದ ಪ್ರಮುಖ ಸದಸ್ಯರನ್ನು ನೇಮಿಸಲಾಗುವುದು. ಸಂವಿಧಾನ ಶಿಲ್ಪಿ ಡಾ. ಬಿ.ಆರ್. ಅಂಬೇಡ್ಕರ್ ಅವರ
ಆಶಯದಂತೆ ಜಿಲ್ಲೆಯಲ್ಲಿ ಸಂಘಟನೆಯನ್ನು ನ್ಯಾಯಯುತವಾಗಿ ಕೆಲಸ ಮಾಡಲಿದೆ. ದಲಿತರು ಹಾಗೂ ಯಾವುದೇ ಮೂಲೆಯಲ್ಲಿ ದಲಿತರಿಗೆ ಅನ್ಯಾಯವಾದರೂ ಸಂಘಟನೆ ನ್ಯಾಯವಾಗಿ ಹೋರಾಡಲಿದೆ ಎಂದು ಭರವಸೆ ನೀಡಿದ್ದಾರೆ. ದಲಿತ ಪರ ಸಂಘಟನೆ ಮತ್ತು ಕನ್ನಡಪರ ಹೋರಾಟಗಾರರಲ್ಲಿ ನಾನು ಸಕ್ರಿಯವಾಗಿ ತೊಡಗಿಸಿಕೊಂಡಿದ್ದೇನೆ ಹಾಗಾಗಿ ಇಂದು ನನಗೆ ಭೀಮ್ ಆರ್ಮಿ ಸಂಘಟನೆಯಲ್ಲಿ ಜಿಲ್ಲಾಧ್ಯಕ್ಷ ಸ್ಥಾನ ಲಭಿಸಿದೆ ಎಂದು ನೂತನ ಜಿಲ್ಲಾಧ್ಯಕ್ಷ ಗೋಪಾಲಕೃಷ್ಣ ತಮ್ಮ ಅನಿಸಿಕೆ ಹಂಚಿಕೊಂಡರು. ಈ ಸುದ್ದಿಗೋಷ್ಠಿಯಲ್ಲಿ ರಂಗಸ್ವಾಮಿ, ಸಚಿನ್ ಕುಮಾರ್, ಮಧುಗಿರಿ ಚೇತನ್, ವಿ.ಶರತ್, ಮಂಜುನಾಥ್, ಹರ್ಷ, ಕಿರಣ್ ಸೇರಿದಂತೆ ಇತರರು ಉಪಸ್ಥಿತರಿದ್ದರು.
ಮಾ.31ರಂದು ಉದ್ಯೋಗಕ್ಕಾಗಿ ನೇರ ಸಂದರ್ಶನ
ತುಮಕೂರು: ಜಿಲ್ಲಾ ಉದ್ಯೋಗ ವಿನಿಮಯ ಕಚೇರಿ, ಕ್ರಿಸ್ ಕಾರ್ಸ್, ಡಿ-ಮಾರ್ಟ್, ಮೆಡ್‌ಪ್ಲಸ್ ಹಾಗೂ ಕಿರಣ್ ಲೈಬ್ರರ್ಯ ಇಂಡಿಯಾ ಪ್ರೈ.ಲಿ. ಸಂಸ್ಥೆಯ ಸಹಭಾಗಿತ್ವದಲ್ಲಿ ನಿರುದ್ಯೋಗಿಗಳಿಗೆ ಉದ್ಯೋಗ ನೀಡುವ ಸಂಬಂಧ ಮಾರ್ಚ್ 31ರಂದು ನೇರ ಸಂದರ್ಶನವನ್ನು ಏರ್ಪಡಿಸಲಾಗಿದೆ. 8ನೇ ತರಗತಿ, ಎಸ್.ಎಸ್.ಎಲ್.ಸಿ, ಪಿಯುಸಿ,
ಐಟಿಐ, ಡಿಪ್ಲೊಮಾ (ಯಾವುದೇ), ಫಾರ್ಮಸಿ, ಡಿ-ಫಾರ್ಮ, ಬಿ-ಫಾರ್ಮ ಹಾಗೂ ಯಾವುದೇ ಪದವಿ ಪಾಸಾದ ಅಭ್ಯರ್ಥಿಗಳು ನೇರ ಸಂದರ್ಶನದಲ್ಲಿ ಭಾಗವಹಿಸಬಹುದಾಗಿದೆ. ಆಸಕ್ತ ಅಭ್ಯರ್ಥಿಗಳು ಮಾರ್ಚ್ 31ರಂದು ಬೆಳಿಗ್ಗೆ 10 ಗಂಟೆಗೆ ಜಿಲ್ಲಾ ಉದ್ಯೋಗ ವಿನಿಮಯ ಕಚೇರಿ, ಡಿ.ಡಿ.ಪಿ.ಐ ಬಸ್ ನಿಲ್ದಾಣ, ವಾಸನ್ ಕಣ್ಣಿನ ಆಸ್ಪತ್ರೆ ಹತ್ತಿರ, ಮೂಲೆಮನೆ
ಹೋಟೆಲ್ ಪಕ್ಕ, ಸೋಮೇಶ್ವರಪುರಂ, 14ನೇ ಕ್ರಾಸ್, ತುಮಕೂರು-572102, ಇಲ್ಲಿ ತಮ್ಮ ಬಯೋಡೇಟಾದೊಂದಿಗೆ ನೇರ ಸಂದರ್ಶನಕ್ಕೆ ಹಾಜರಾಗಬಹುದು. ಹೆಚ್ಚಿನ ಮಾಹಿತಿಗಾಗಿ ದೂರವಾಣಿ ಸಂಖ್ಯೆ: 0816-2278488, ಮೊ.ಸಂ. 8792669410ಯನ್ನು ಸಂಪರ್ಕಿಸಬಹುದೆಂದು ಜಿಲ್ಲಾ ಉದ್ಯೋಗ ವಿನಿಮಯಾಧಿಕಾರಿ ತಿಳಿಸಿದ್ದಾರೆ.
ನುಲೆನೂರಿನ 'ಹೂವಿನ ಕಟ್ಟೆ' ಕೆರೆ ಧರ್ಮಸ್ಥಳ
ಯೋಜನೆ ವತಿಯಿಂದ ಗ್ರಾಮಸ್ಥರಿಗೆ ಹಸ್ತಾಂತರ
ಹೊಳಲ್ಕೆರೆ: ಅಂತರ್ಜಲ ವೃದ್ಧಿ ಮತ್ತು ಪರಿಸರ ಸಂರಕ್ಷಣೆಯ ಆಶಯದೊಂದಿಗೆ, ಶ್ರೀ ಕ್ಷೇತ್ರ ಧರ್ಮಸ್ಥಳ ಗ್ರಾಮಾಭಿವೃದ್ಧಿ ಯೋಜನೆಯ 'ನಮ್ಮೂರು ನಮ್ಮ ಕೆರೆ' ಕಾರ್ಯಕ್ರಮದಡಿ ಪುನಶ್ಚೇತನಗೊಂಡ 922 ನೇ ಕೆರೆ 'ಹೂವಿನ ಕಟ್ಟೆ'ಯನ್ನು ಬುಧವಾರ ನುಲೆನೂರು ಗ್ರಾಮಸ್ಥರಿಗೆ ಅಧಿಕೃತವಾಗಿ ಲೋಕಾರ್ಪಣೆ ಮಾಡಲಾಯಿತು. ಹೊಳಲ್ಕೆರೆ ತಾಲ್ಲೂಕಿನ ನುಲೆನೂರು ಗ್ರಾಮದಲ್ಲಿ ನಡೆದ ಕೆರೆ ಹಸ್ತಾಂತರ ಕಾರ್ಯಕ್ರಮವು ಗ್ರಾಮಸ್ಥರಲ್ಲಿ ಹಬ್ಬದ ವಾತಾವರಣ ನಿರ್ಮಿಸಿತ್ತು. ಪರಮಪೂಜ್ಯ ರಾಜರ್ಷಿ ಡಾ. ಡಿ. ವೀರೇಂದ್ರ ಹೆಗ್ಗಡೆಯವರ ದೂರದೃಷ್ಟಿ ಹಾಗೂ ಮಾತೃಶ್ರೀ ಡಾ. ಹೇಮಾವತಿ ವಿ. ಹೆಗ್ಗಡೆಯವರ ಮಾರ್ಗದರ್ಶನದಲ್ಲಿ ಈ ಕೆರೆಯ ಹೂಳೆತ್ತುವ ಕಾರ್ಯ ಯಶಸ್ವಿಯಾಗಿ ಪೂರ್ಣಗೊಂಡಿತು. ಕಾರ್ಯಕ್ರಮದ ಉದ್ಘಾಟನೆ ಮತ್ತು ಕೆರೆಯ ನಾಮಫಲಕವನ್ನು ಅನಾವರಣಗೊಳಿಸಿದ ತಹಶೀಲ್ದಾರ್ ಹಾಗೂ ಮಾತ್ರ ಎಂ. ಅವರು ಮಾತನಾಡಿ, 'ಕೆರೆಗಳು ಗ್ರಾಮದ ಜೀವನಾಡಿಗಳು. ಧರ್ಮಸ್ಥಳ ಯೋಜನೆಯು ಕೆರೆಗಳ ಹೂಳೆತ್ತುವ ಮೂಲಕ ಗ್ರಾಮೀಣ ಭಾಗದ ಕೃಷಿ ಭೂಮಿಗೆ ಚೇತನ ನೀಡುತ್ತಿದೆ. ಹೂಳೆತ್ತಿದ ನಂತರ ಈ ಕೆರೆಯನ್ನು
ಸುಸ್ಥಿತಿಯಲ್ಲಿಟ್ಟುಕೊಳ್ಳುವ ಜವಾಬ್ದಾರಿ ಈಗ ಗ್ರಾಮಸ್ಥರ ಮೇಲಿದೆ' ಎಂದು ಕರೆ ನೀಡಿದರು. ಯೋಜನಾಧಿಕಾರಿ ರಮೇಶ್ ಡಿ. ಮಾತನಾಡಿ ಹಲವು ವರ್ಷಗಳಿಂದ ಹೂಳು ತುಂಬಿ ಬತ್ತಿ ಹೋಗಿದ್ದ ಈ ಕೆರೆಯನ್ನು ವೈಜ್ಞಾನಿಕವಾಗಿ ಹೂಳೆತ್ತುವ ಮೂಲಕ ನೀರಿನ ಸಂಗ್ರಹಣಾ ಸಾಮರ್ಥ್ಯವನ್ನು ಹೆಚ್ಚಿಸಲಾಗಿದೆ. ಇದು ಸುತ್ತಮುತ್ತಲ ನೂರಾರು ಎಕರೆ ಕೃಷಿ ಭೂಮಿಯ ಅಂತರ್ಜಲ ವೃದ್ಧಿಗೆ ಸಹಕಾರಿಯಾಗಿದೆ. ರೈತರು ಈ ಕೆರೆ ಹೂಳೆತ್ತುವಿಕೆಯ ಫಲವಾಗಿ ಬೆಳೆದ ಹೆಚ್ಚುವರಿ ಬೆಳೆಗಳ ಮೂಲಕ ಕುಟುಂಬಗಳ ಆರ್ಥಿಕ ಮಟ್ಟವನ್ನು ಉನ್ನತೀಕರಿಸಿಕೊಳ್ಳಬೇಕು ಎಂದರು. ಕುರಿಮೇಕೆಗಳ ದಾಹ ತೀರಿಸುವ ಜೊತೆಗೆ ಅಂತರ್ಜಲ ವೃದ್ಧಿಗೆ ನೆರವಾಗಲಿದೆ ಎಂದು ಸಲಹೆ ನೀಡಿದರು.
ಕಾರ್ಯಕ್ರಮದಲ್ಲಿ ಗ್ರಾಮ ಪಂಚಾಯಿತಿ ಪಿಡಿಒ ತಿಪ್ಪೇಸ್ವಾಮಿ, ಜಿಲ್ಲಾ ಜನಜಾಗೃತಿ ವೇದಿಕೆಯ ಸದಸ್ಯ ಲಕ್ಷ್ಮಣ ಮತ್ತು ದಾಸಪ್ಪ ಭಾಗವಹಿಸಿ ಶುಭ ಹಾರೈಸಿದರು. ಕೆರೆ ಸಮಿತಿಯ ಸದಸ್ಯರಾದ ಲೋಕೇಶ್, ದೇವರಾಜು, ಶ್ರೀನಿವಾಸ್, ಯೋಜನೆಯ ಹಾಗೂ ಗ್ರಾಮದ ಮುಖಂಡರಾದ ಎಸ್.ಪಿ. ಚನ್ನಮೂರ್ತಿ, ಗಣಂಗಳು ಮಹಂತೇಶ್ ಮೇಲ್ವಿಚಾರಕರಾದ ಕಲಂತರಪ್ಪ, ಯೇನಸಪ್ಪ ವಲಯದ ಮೇಲ್ವಿಚಾರಕರಾದ ಕೆಂಪಣ್ಣ ಮತ್ತಿತರರು ಹಾಜರಿದ್ದರು. ಕೆರೆಗೆ ಪೂಜೆ ಸಲ್ಲಿಸಿದ ನಂತರ ಸೇವಾ ಪ್ರತಿನಿಧಿಗಳು ಹಾಗೂ ಗ್ರಾಮಸ್ಥರು ಸೇರಿ ಸ್ವಚ್ಛತಾ ಸಂಕಲ್ಪ ಕೈಗೊಂಡರು. ಕಾರ್ಯಕ್ರಮದಲ್ಲಿ ಹಲವು ಗ್ರಾಮದ ಹಿರಿಯರು ಹಾಗೂ ಅಪಾರ ಸಂಖ್ಯೆಯ ಗ್ರಾಮಸ್ಥರು ಭಾಗವಹಿಸಿ ಕಾರ್ಯಕ್ರಮ ಯಶಸ್ವಿಗೊಳಿಸಿದರು.
